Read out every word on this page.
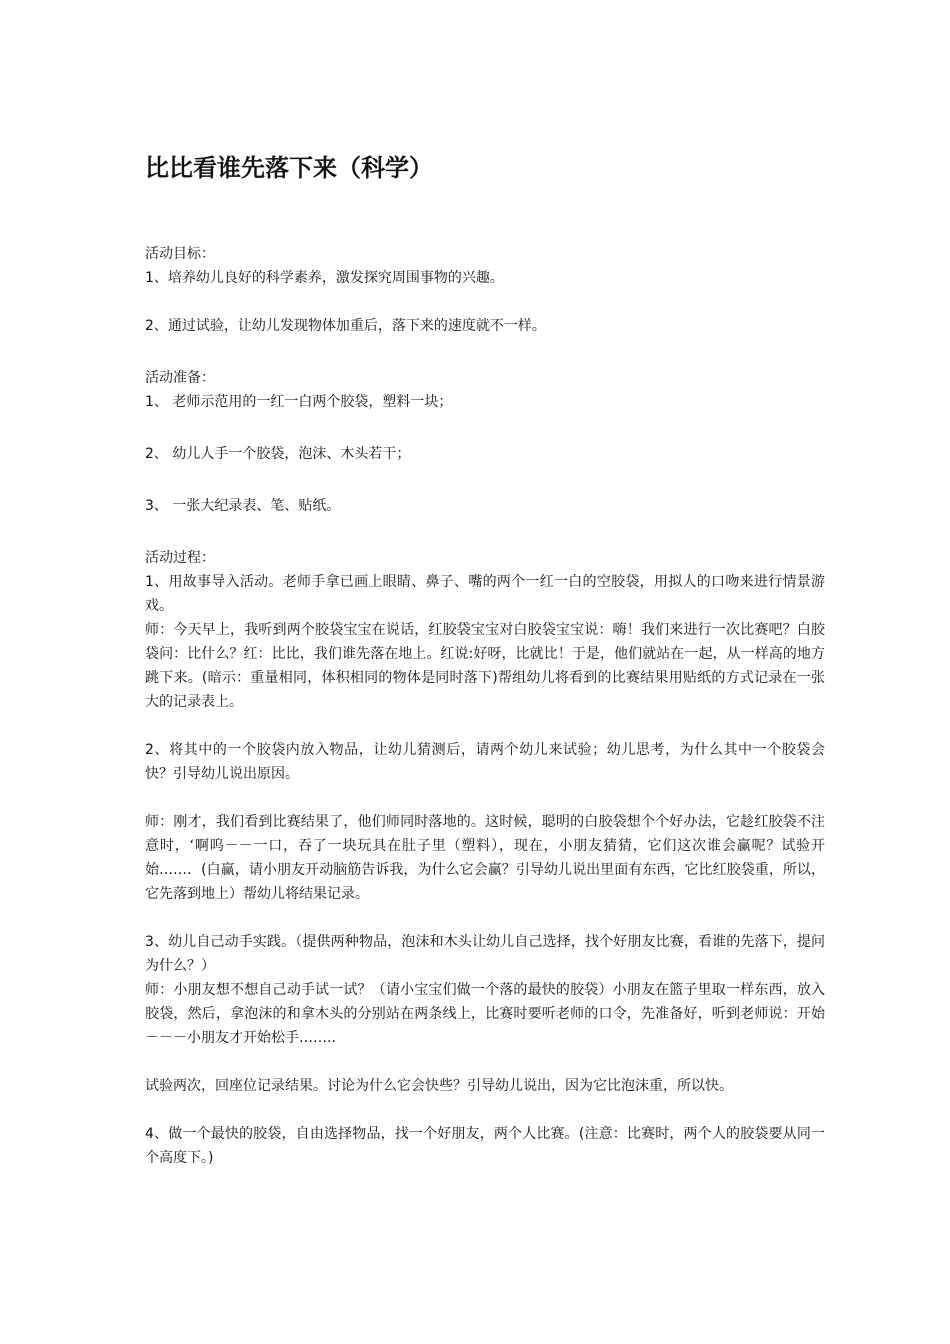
比比看谁先落下来（科学）

活动目标：

1、培养幼儿良好的科学素养，激发探究周围事物的兴趣。

2、通过试验，让幼儿发现物体加重后，落下来的速度就不一样。

活动准备：

1、 老师示范用的一红一白两个胶袋，塑料一块；

2、 幼儿人手一个胶袋，泡沫、木头若干；

3、 一张大纪录表、笔、贴纸。

活动过程：

1、用故事导入活动。老师手拿已画上眼睛、鼻子、嘴的两个一红一白的空胶袋，用拟人的口吻来进行情景游戏。

师：今天早上，我听到两个胶袋宝宝在说话，红胶袋宝宝对白胶袋宝宝说：嗨！我们来进行一次比赛吧？白胶袋问：比什么？红：比比，我们谁先落在地上。红说:好呀，比就比！于是，他们就站在一起，从一样高的地方跳下来。(暗示：重量相同，体积相同的物体是同时落下)帮组幼儿将看到的比赛结果用贴纸的方式记录在一张大的记录表上。

2、将其中的一个胶袋内放入物品，让幼儿猜测后，请两个幼儿来试验；幼儿思考，为什么其中一个胶袋会快？引导幼儿说出原因。

师：刚才，我们看到比赛结果了，他们师同时落地的。这时候，聪明的白胶袋想个个好办法，它趁红胶袋不注意时，‘啊呜－－一口，吞了一块玩具在肚子里（塑料），现在，小朋友猜猜，它们这次谁会赢呢？试验开始……．(白赢，请小朋友开动脑筋告诉我，为什么它会赢？引导幼儿说出里面有东西，它比红胶袋重，所以，它先落到地上）帮幼儿将结果记录。

3、幼儿自己动手实践。（提供两种物品，泡沫和木头让幼儿自己选择，找个好朋友比赛，看谁的先落下，提问为什么？）

师：小朋友想不想自己动手试一试？（请小宝宝们做一个落的最快的胶袋）小朋友在篮子里取一样东西，放入胶袋，然后，拿泡沫的和拿木头的分别站在两条线上，比赛时要听老师的口令，先准备好，听到老师说：开始－－－小朋友才开始松手……..

试验两次，回座位记录结果。讨论为什么它会快些？引导幼儿说出，因为它比泡沫重，所以快。

4、做一个最快的胶袋，自由选择物品，找一个好朋友，两个人比赛。(注意：比赛时，两个人的胶袋要从同一个高度下。)
